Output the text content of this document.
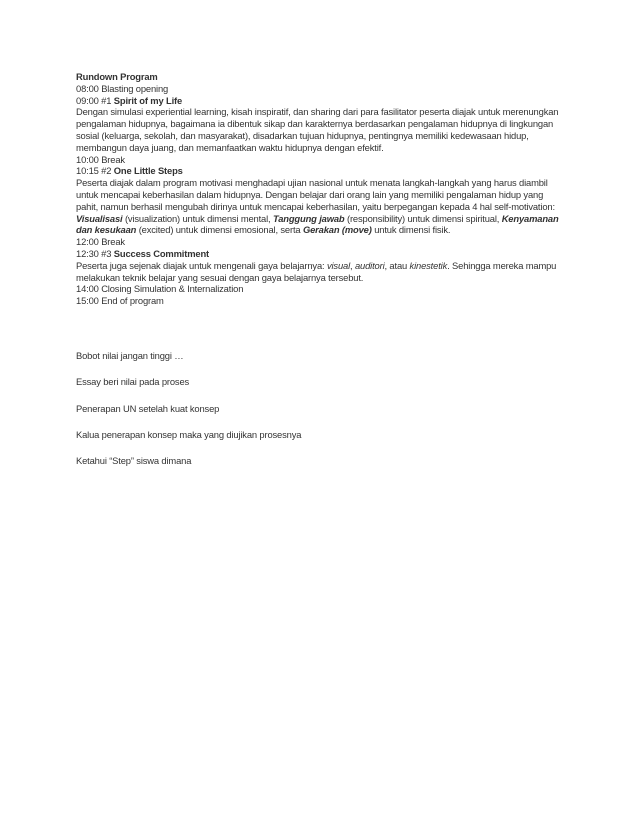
Rundown Program
08:00 Blasting opening
09:00 #1 Spirit of my Life
Dengan simulasi experiential learning, kisah inspiratif, dan sharing dari para fasilitator peserta diajak untuk merenungkan pengalaman hidupnya, bagaimana ia dibentuk sikap dan karakternya berdasarkan pengalaman hidupnya di lingkungan sosial (keluarga, sekolah, dan masyarakat), disadarkan tujuan hidupnya, pentingnya memiliki kedewasaan hidup, membangun daya juang, dan memanfaatkan waktu hidupnya dengan efektif.
10:00 Break
10:15 #2 One Little Steps
Peserta diajak dalam program motivasi menghadapi ujian nasional untuk menata langkah-langkah yang harus diambil untuk mencapai keberhasilan dalam hidupnya. Dengan belajar dari orang lain yang memiliki pengalaman hidup yang pahit, namun berhasil mengubah dirinya untuk mencapai keberhasilan, yaitu berpegangan kepada 4 hal self-motivation: Visualisasi (visualization) untuk dimensi mental, Tanggung jawab (responsibility) untuk dimensi spiritual, Kenyamanan dan kesukaan (excited) untuk dimensi emosional, serta Gerakan (move) untuk dimensi fisik.
12:00 Break
12:30 #3 Success Commitment
Peserta juga sejenak diajak untuk mengenali gaya belajarnya: visual, auditori, atau kinestetik. Sehingga mereka mampu melakukan teknik belajar yang sesuai dengan gaya belajarnya tersebut.
14:00 Closing Simulation & Internalization
15:00 End of program
Bobot nilai jangan tinggi …
Essay beri nilai pada proses
Penerapan UN setelah kuat konsep
Kalua penerapan konsep maka yang diujikan prosesnya
Ketahui “Step” siswa dimana
